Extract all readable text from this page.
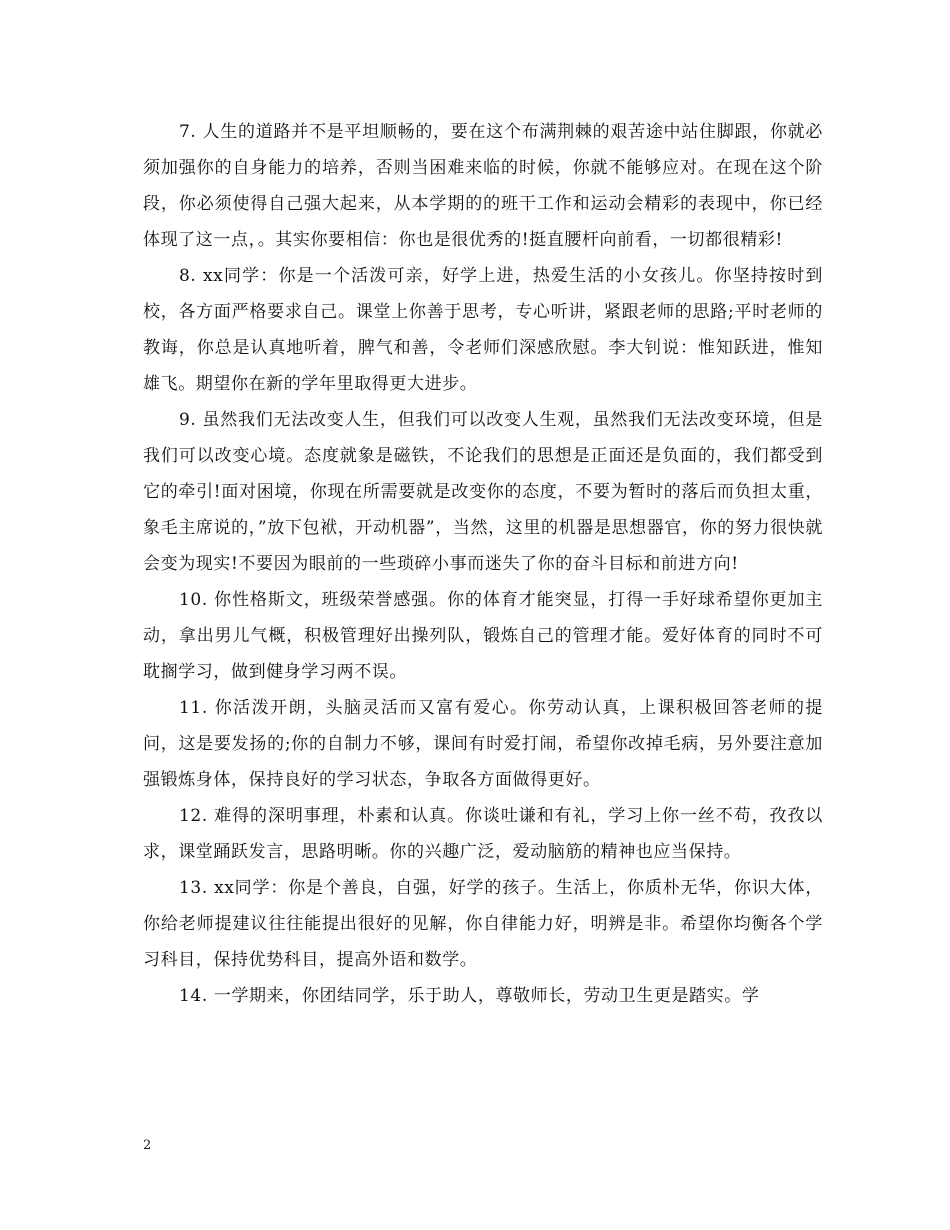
7. 人生的道路并不是平坦顺畅的，要在这个布满荆棘的艰苦途中站住脚跟，你就必须加强你的自身能力的培养，否则当困难来临的时候，你就不能够应对。在现在这个阶段，你必须使得自己强大起来，从本学期的的班干工作和运动会精彩的表现中，你已经体现了这一点，。其实你要相信：你也是很优秀的!挺直腰杆向前看，一切都很精彩!

8. xx同学：你是一个活泼可亲，好学上进，热爱生活的小女孩儿。你坚持按时到校，各方面严格要求自己。课堂上你善于思考，专心听讲，紧跟老师的思路;平时老师的教诲，你总是认真地听着，脾气和善，令老师们深感欣慰。李大钊说：惟知跃进，惟知雄飞。期望你在新的学年里取得更大进步。

9. 虽然我们无法改变人生，但我们可以改变人生观，虽然我们无法改变环境，但是我们可以改变心境。态度就象是磁铁，不论我们的思想是正面还是负面的，我们都受到它的牵引!面对困境，你现在所需要就是改变你的态度，不要为暂时的落后而负担太重，象毛主席说的，”放下包袱，开动机器”，当然，这里的机器是思想器官，你的努力很快就会变为现实!不要因为眼前的一些琐碎小事而迷失了你的奋斗目标和前进方向!

10. 你性格斯文，班级荣誉感强。你的体育才能突显，打得一手好球希望你更加主动，拿出男儿气概，积极管理好出操列队，锻炼自己的管理才能。爱好体育的同时不可耽搁学习，做到健身学习两不误。

11. 你活泼开朗，头脑灵活而又富有爱心。你劳动认真，上课积极回答老师的提问，这是要发扬的;你的自制力不够，课间有时爱打闹，希望你改掉毛病，另外要注意加强锻炼身体，保持良好的学习状态，争取各方面做得更好。

12. 难得的深明事理，朴素和认真。你谈吐谦和有礼，学习上你一丝不苟，孜孜以求，课堂踊跃发言，思路明晰。你的兴趣广泛，爱动脑筋的精神也应当保持。

13. xx同学：你是个善良，自强，好学的孩子。生活上，你质朴无华，你识大体，你给老师提建议往往能提出很好的见解，你自律能力好，明辨是非。希望你均衡各个学习科目，保持优势科目，提高外语和数学。

14. 一学期来，你团结同学，乐于助人，尊敬师长，劳动卫生更是踏实。学

2
